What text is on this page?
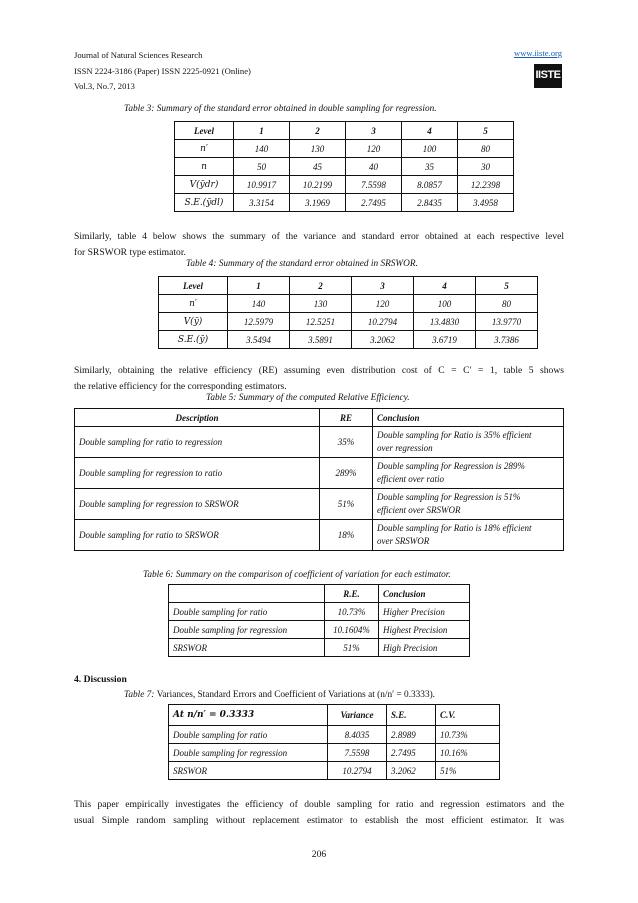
Journal of Natural Sciences Research
ISSN 2224-3186 (Paper) ISSN 2225-0921 (Online)
Vol.3, No.7, 2013
www.iiste.org
IISTE
Table 3: Summary of the standard error obtained in double sampling for regression.
Level	1	2	3	4	5
n′	140	130	120	100	80
n	50	45	40	35	30
V(ȳdr)	10.9917	10.2199	7.5598	8.0857	12.2398
S.E.(ȳdl)	3.3154	3.1969	2.7495	2.8435	3.4958
Similarly, table 4 below shows the summary of the variance and standard error obtained at each respective level
for SRSWOR type estimator.
Table 4: Summary of the standard error obtained in SRSWOR.
Level	1	2	3	4	5
n′	140	130	120	100	80
V(ȳ)	12.5979	12.5251	10.2794	13.4830	13.9770
S.E.(ȳ)	3.5494	3.5891	3.2062	3.6719	3.7386
Similarly, obtaining the relative efficiency (RE) assuming even distribution cost of C = C′ = 1, table 5 shows
the relative efficiency for the corresponding estimators.
Table 5: Summary of the computed Relative Efficiency.
Description	RE	Conclusion
Double sampling for ratio to regression	35%	Double sampling for Ratio is 35% efficient
over regression

Double sampling for regression to ratio	289%	Double sampling for Regression is 289%
efficient over ratio

Double sampling for regression to SRSWOR	51%	Double sampling for Regression is 51%
efficient over SRSWOR

Double sampling for ratio to SRSWOR	18%	Double sampling for Ratio is 18% efficient
over SRSWOR
Table 6: Summary on the comparison of coefficient of variation for each estimator.
	R.E.	Conclusion
Double sampling for ratio	10.73%	Higher Precision
Double sampling for regression	10.1604%	Highest Precision
SRSWOR	51%	High Precision
4. Discussion
Table 7: Variances, Standard Errors and Coefficient of Variations at (n/n′ = 0.3333).
At n/n′ = 0.3333	Variance	S.E.	C.V.
Double sampling for ratio	8.4035	2.8989	10.73%
Double sampling for regression	7.5598	2.7495	10.16%
SRSWOR	10.2794	3.2062	51%
This paper empirically investigates the efficiency of double sampling for ratio and regression estimators and the
usual Simple random sampling without replacement estimator to establish the most efficient estimator. It was
206
